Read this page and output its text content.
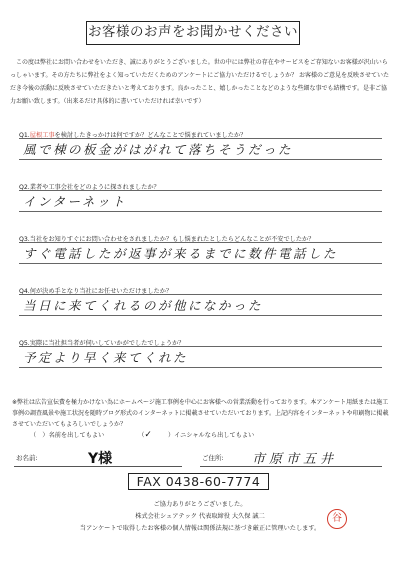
お客様のお声をお聞かせください

この度は弊社にお問い合わせをいただき、誠にありがとうございました。世の中には弊社の存在やサービスをご存知ないお客様が沢山いらっしゃいます。その方たちに弊社をよく知っていただくためのアンケートにご協力いただけるでしょうか？ お客様のご意見を反映させていただき今後の活動に反映させていただきたいと考えております。良かったこと、嬉しかったことなどのような些細な事でも結構です。是非ご協力お願い致します。（出来るだけ具体的に書いていただければ幸いです）

Q1.屋根工事を検討したきっかけは何ですか？どんなことで悩まれていましたか？
風で棟の板金がはがれて落ちそうだった
Q2.業者や工事会社をどのように探されましたか？
インターネット
Q3.当社をお知りすぐにお問い合わせをされましたか？もし悩まれたとしたらどんなことが不安でしたか？
すぐ電話したが返事が来るまでに数件電話した
Q4.何が決め手となり当社にお任せいただけましたか？
当日に来てくれるのが他になかった
Q5.実際に当社担当者が伺いしていかがでしたでしょうか？
予定より早く来てくれた
※弊社は広告宣伝費を極力かけない為にホームページ施工事例を中心にお客様への営業活動を行っております。本アンケート用紙または施工事例の調査風景や施工状況を随時ブログ形式のインターネットに掲載させていただいております。上記内容をインターネットや印刷物に掲載させていただいてもよろしいでしょうか？
（　）名前を出してもよい	（✓	）イニシャルなら出してもよい
お名前:	Y様	ご住所: 市原市五井
FAX 0438-60-7774
ご協力ありがとうございました。
株式会社シェアテック 代表取締役 大久保 誠二
当アンケートで取得したお客様の個人情報は関係法規に基づき厳正に管理いたします。
谷
